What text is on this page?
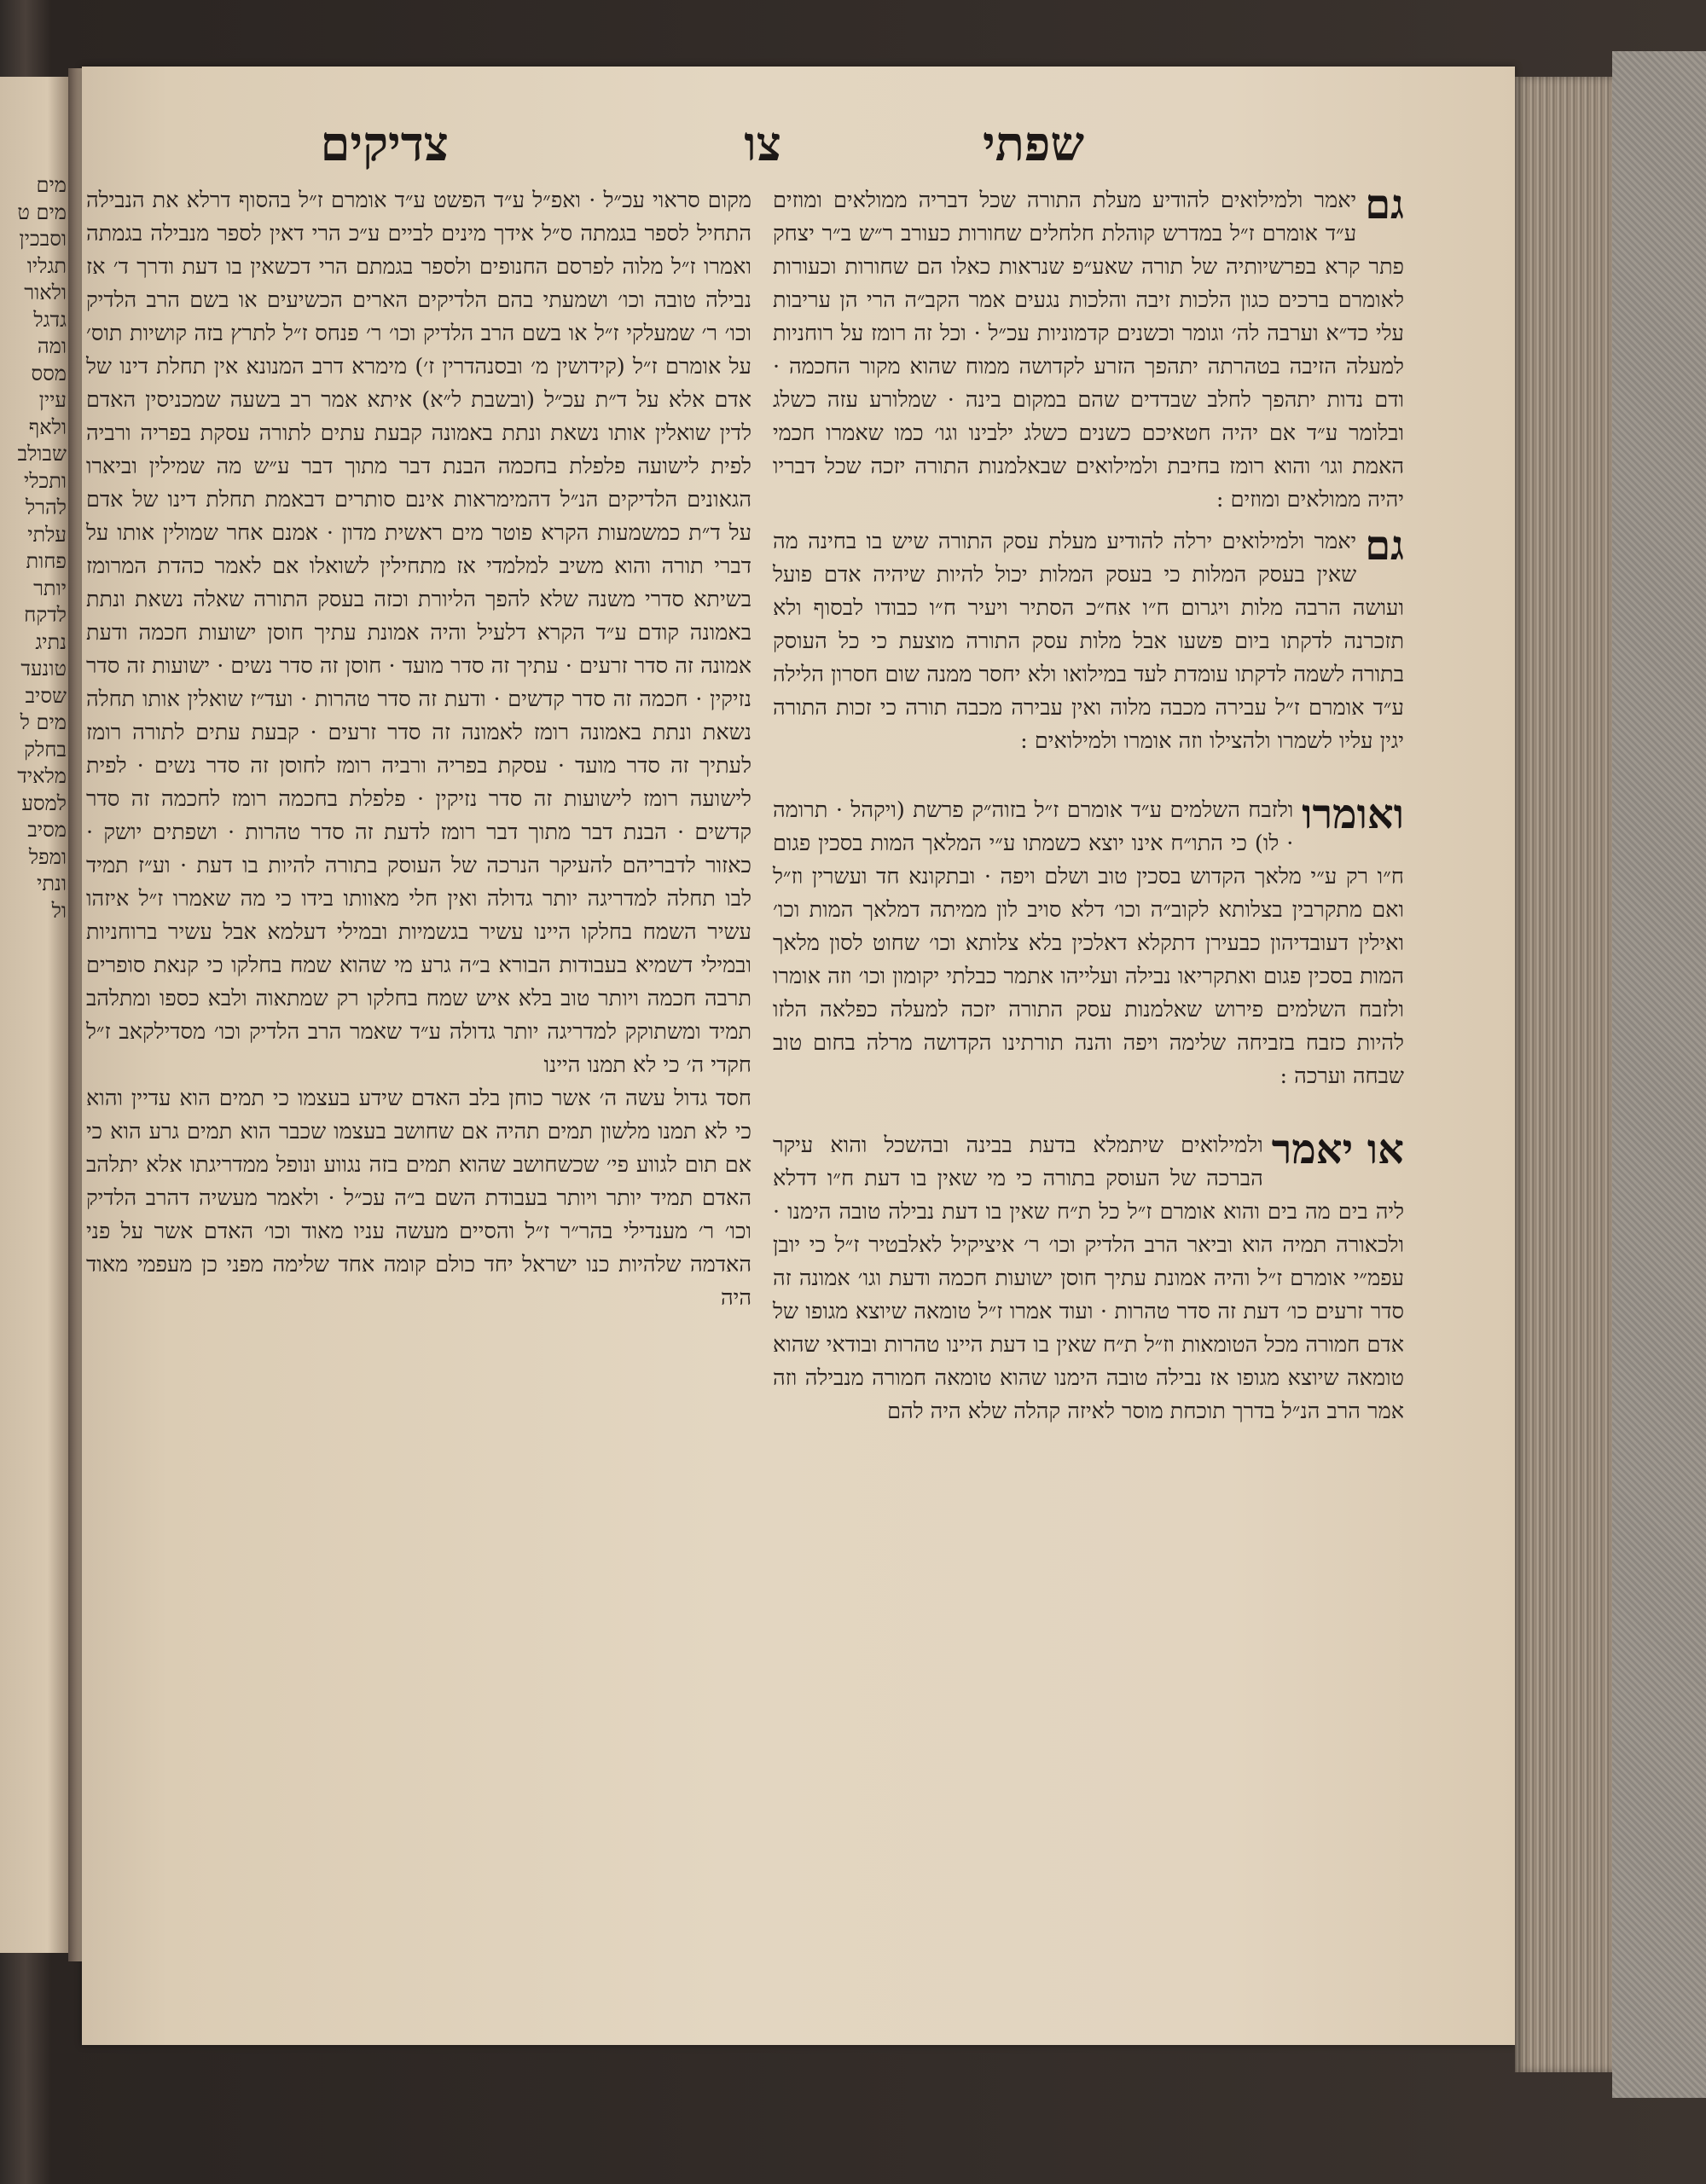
מים
מים ט
וסבכין
תגליו
ולאור
גדגל
ומה
מסס
עיין
ולאף
שבולב
ותכלי
להרל
עלתי
פחות
יותר
לדקח
נתיג
טונעד
שסיב
מים ל
בחלק
מלאיד
למסע
מסיב
ומפל
ונתי
ול
שפתי
צו
צדיקים

גם
יאמר ולמילואים להודיע מעלת התורה שכל דבריה ממולאים ומוזים ע״ד אומרם ז״ל במדרש קוהלת חלחלים שחורות כעורב ר״ש ב״ר יצחק פתר קרא בפרשיותיה של תורה שאע״פ שנראות כאלו הם שחורות וכעורות לאומרם ברכים כגון הלכות זיבה והלכות נגעים אמר הקב״ה הרי הן עריבות עלי כד״א וערבה לה׳ וגומר וכשנים קדמוניות עכ״ל · וכל זה רומז על רוחניות למעלה הזיבה בטהרתה יתהפך הזרע לקדושה ממוח שהוא מקור החכמה · ודם נדות יתהפך לחלב שבדדים שהם במקום בינה · שמלורע עזה כשלג ובלומר ע״ד אם יהיה חטאיכם כשנים כשלג ילבינו וגו׳ כמו שאמרו חכמי האמת וגו׳ והוא רומז בחיבת ולמילואים שבאלמנות התורה יזכה שכל דבריו יהיה ממולאים ומוזים :

גם
יאמר ולמילואים ירלה להודיע מעלת עסק התורה שיש בו בחינה מה שאין בעסק המלות כי בעסק המלות יכול להיות שיהיה אדם פועל ועושה הרבה מלות ויגרום ח״ו אח״כ הסתיר ויעיר ח״ו כבודו לבסוף ולא תזכרנה לדקתו ביום פשעו אבל מלות עסק התורה מוצעת כי כל העוסק בתורה לשמה לדקתו עומדת לעד במילואו ולא יחסר ממנה שום חסרון הלילה ע״ד אומרם ז״ל עבירה מכבה מלוה ואין עבירה מכבה תורה כי זכות התורה יגין עליו לשמרו ולהצילו וזה אומרו ולמילואים :

ואומרו
ולזבח השלמים ע״ד אומרם ז״ל בזוה״ק פרשת (ויקהל · תרומה · לו) כי התו״ח אינו יוצא כשמתו ע״י המלאך המות בסכין פגום ח״ו רק ע״י מלאך הקדוש בסכין טוב ושלם ויפה · ובתקונא חד ועשרין וז״ל ואם מתקרבין בצלותא לקוב״ה וכו׳ דלא סויב לון ממיתה דמלאך המות וכו׳ ואילין דעובדיהון כבעירן דתקלא דאלכין בלא צלותא וכו׳ שחוט לסון מלאך המות בסכין פגום ואתקריאו נבילה ועלייהו אתמר כבלתי יקומון וכו׳ וזה אומרו ולזבח השלמים פירוש שאלמנות עסק התורה יזכה למעלה כפלאה הלזו להיות כזבח בזביחה שלימה ויפה והנה תורתינו הקדושה מרלה בחום טוב שבחה וערכה :

או יאמר
ולמילואים שיתמלא בדעת בבינה ובהשכל והוא עיקר הברכה של העוסק בתורה כי מי שאין בו דעת ח״ו דדלא ליה בים מה בים והוא אומרם ז״ל כל ת״ח שאין בו דעת נבילה טובה הימנו · ולכאורה תמיה הוא וביאר הרב הלדיק וכו׳ ר׳ איציקיל לאלבטיר ז״ל כי יובן עפמ״י אומרם ז״ל והיה אמונת עתיך חוסן ישועות חכמה ודעת וגו׳ אמונה זה סדר זרעים כו׳ דעת זה סדר טהרות · ועוד אמרו ז״ל טומאה שיוצא מגופו של אדם חמורה מכל הטומאות וז״ל ת״ח שאין בו דעת היינו טהרות ובודאי שהוא טומאה שיוצא מגופו אז נבילה טובה הימנו שהוא טומאה חמורה מנבילה וזה אמר הרב הנ״ל בדרך תוכחת מוסר לאיזה קהלה שלא היה להם

מקום סראוי עכ״ל · ואפ״ל ע״ד הפשט ע״ד אומרם ז״ל בהסוף דרלא את הנבילה התחיל לספר בגמתה ס״ל אידך מינים לביים ע״כ הרי דאין לספר מנבילה בגמתה ואמרו ז״ל מלוה לפרסם החנופים ולספר בגמתם הרי דכשאין בו דעת ודרך ד׳ אז נבילה טובה וכו׳ ושמעתי בהם הלדיקים הארים הכשיעים או בשם הרב הלדיק וכו׳ ר׳ שמעלקי ז״ל או בשם הרב הלדיק וכו׳ ר׳ פנחס ז״ל לתרץ בזה קושיות תוס׳ על אומרם ז״ל (קידושין מ׳ ובסנהדרין ז׳) מימרא דרב המנונא אין תחלת דינו של אדם אלא על ד״ת עכ״ל (ובשבת ל״א) איתא אמר רב בשעה שמכניסין האדם לדין שואלין אותו נשאת ונתת באמונה קבעת עתים לתורה עסקת בפריה ורביה לפית לישועה פלפלת בחכמה הבנת דבר מתוך דבר ע״ש מה שמילין וביארו הגאונים הלדיקים הנ״ל דהמימראות אינם סותרים דבאמת תחלת דינו של אדם על ד״ת כמשמעות הקרא פוטר מים ראשית מדון · אמנם אחר שמולין אותו על דברי תורה והוא משיב למלמדי אז מתחילין לשואלו אם לאמר כהדת המרומז בשיתא סדרי משנה שלא להפך הליורת וכזה בעסק התורה שאלה נשאת ונתת באמונה קודם ע״ד הקרא דלעיל והיה אמונת עתיך חוסן ישועות חכמה ודעת אמונה זה סדר זרעים · עתיך זה סדר מועד · חוסן זה סדר נשים · ישועות זה סדר נזיקין · חכמה זה סדר קדשים · ודעת זה סדר טהרות · ועד״ז שואלין אותו תחלה נשאת ונתת באמונה רומז לאמונה זה סדר זרעים · קבעת עתים לתורה רומז לעתיך זה סדר מועד · עסקת בפריה ורביה רומז לחוסן זה סדר נשים · לפית לישועה רומז לישועות זה סדר נזיקין · פלפלת בחכמה רומז לחכמה זה סדר קדשים · הבנת דבר מתוך דבר רומז לדעת זה סדר טהרות · ושפתים יושק · כאזור לדבריהם להעיקר הנרכה של העוסק בתורה להיות בו דעת · וע״ז תמיד לבו תחלה למדריגה יותר גדולה ואין חלי מאוותו בידו כי מה שאמרו ז״ל איזהו עשיר השמח בחלקו היינו עשיר בגשמיות ובמילי דעלמא אבל עשיר ברוחניות ובמילי דשמיא בעבודות הבורא ב״ה גרע מי שהוא שמח בחלקו כי קנאת סופרים תרבה חכמה ויותר טוב בלא איש שמח בחלקו רק שמתאוה ולבא כספו ומתלהב תמיד ומשתוקק למדריגה יותר גדולה ע״ד שאמר הרב הלדיק וכו׳ מסדילקאב ז״ל חקדי ה׳ כי לא תמנו היינו

חסד גדול עשה ה׳ אשר כוחן בלב האדם שידע בעצמו כי תמים הוא עדיין והוא כי לא תמנו מלשון תמים תהיה אם שחושב בעצמו שכבר הוא תמים גרע הוא כי אם תום לגווע פי׳ שכשחושב שהוא תמים בזה נגווע ונופל ממדריגתו אלא יתלהב האדם תמיד יותר ויותר בעבודת השם ב״ה עכ״ל · ולאמר מעשיה דהרב הלדיק וכו׳ ר׳ מענדילי בהר״ר ז״ל והסיים מעשה עניו מאוד וכו׳ האדם אשר על פני האדמה שלהיות כנו ישראל יחד כולם קומה אחד שלימה מפני כן מעפמי מאוד היה
